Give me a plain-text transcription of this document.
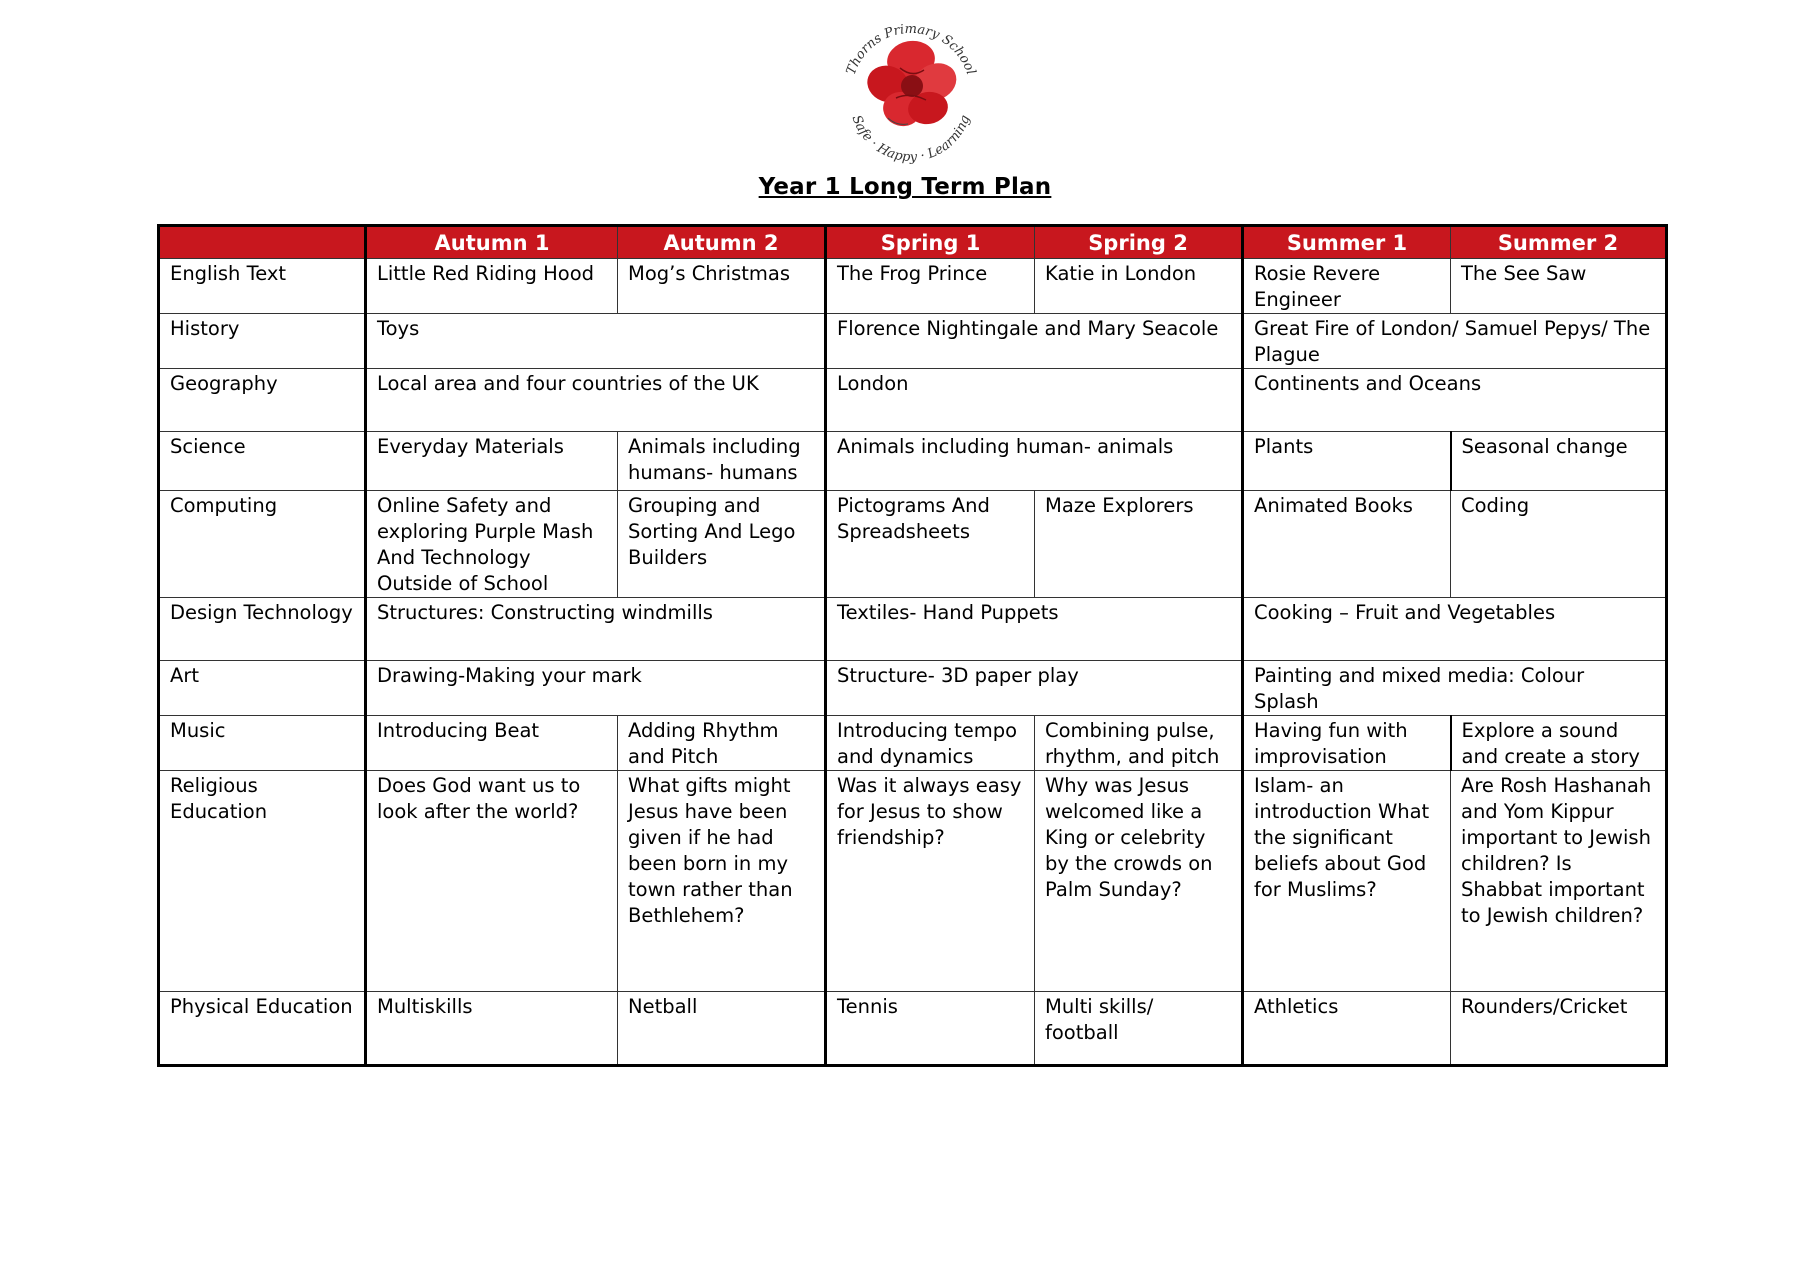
Thorns Primary School
Safe · Happy · Learning
Year 1 Long Term Plan
	Autumn 1	Autumn 2	Spring 1	Spring 2	Summer 1	Summer 2
English Text	Little Red Riding Hood	Mog’s Christmas	The Frog Prince	Katie in London	Rosie Revere Engineer	The See Saw
History	Toys		Florence Nightingale and Mary Seacole		Great Fire of London/ Samuel Pepys/ The Plague	
Geography	Local area and four countries of the UK		London		Continents and Oceans	
Science	Everyday Materials	Animals including humans- humans	Animals including human- animals		Plants	Seasonal change
Computing	Online Safety and exploring Purple Mash And Technology Outside of School	Grouping and Sorting And Lego Builders	Pictograms And Spreadsheets	Maze Explorers	Animated Books	Coding
Design Technology	Structures: Constructing windmills		Textiles- Hand Puppets		Cooking – Fruit and Vegetables	
Art	Drawing-Making your mark		Structure- 3D paper play		Painting and mixed media: Colour Splash	
Music	Introducing Beat	Adding Rhythm and Pitch	Introducing tempo and dynamics	Combining pulse, rhythm, and pitch	Having fun with improvisation	Explore a sound and create a story
Religious Education	Does God want us to look after the world?	What gifts might Jesus have been given if he had been born in my town rather than Bethlehem?	Was it always easy for Jesus to show friendship?	Why was Jesus welcomed like a King or celebrity by the crowds on Palm Sunday?	Islam- an introduction What the significant beliefs about God for Muslims?	Are Rosh Hashanah and Yom Kippur important to Jewish children? Is Shabbat important to Jewish children?
Physical Education	Multiskills	Netball	Tennis	Multi skills/ football	Athletics	Rounders/Cricket
